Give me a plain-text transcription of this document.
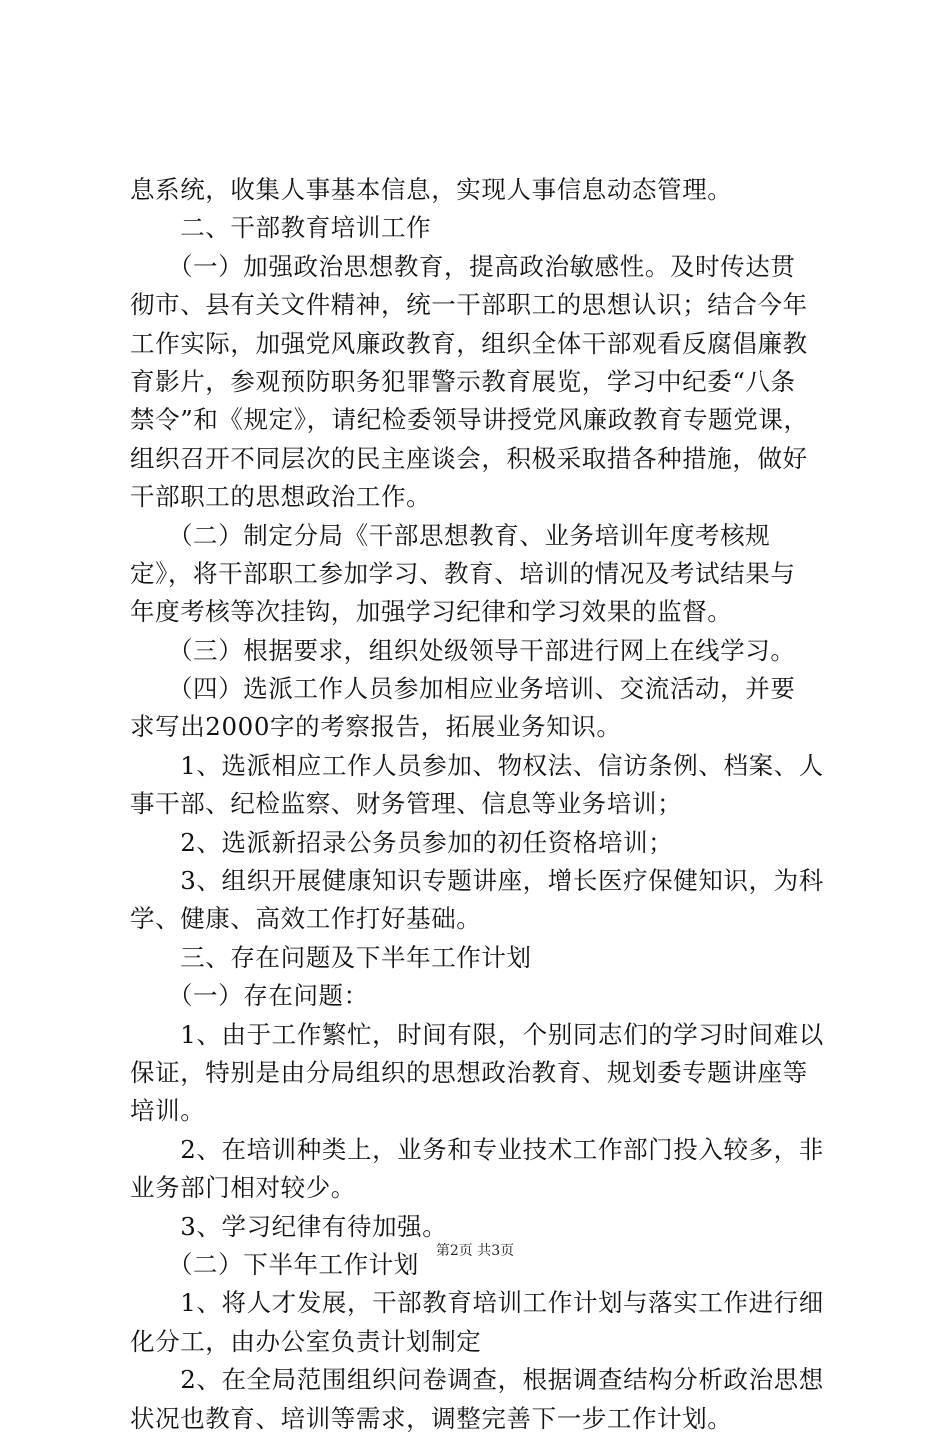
息系统，收集人事基本信息，实现人事信息动态管理。
　　二、干部教育培训工作
　　（一）加强政治思想教育，提高政治敏感性。及时传达贯
彻市、县有关文件精神，统一干部职工的思想认识；结合今年
工作实际，加强党风廉政教育，组织全体干部观看反腐倡廉教
育影片，参观预防职务犯罪警示教育展览，学习中纪委“八条
禁令”和《规定》，请纪检委领导讲授党风廉政教育专题党课，
组织召开不同层次的民主座谈会，积极采取措各种措施，做好
干部职工的思想政治工作。
　　（二）制定分局《干部思想教育、业务培训年度考核规
定》，将干部职工参加学习、教育、培训的情况及考试结果与
年度考核等次挂钩，加强学习纪律和学习效果的监督。
　　（三）根据要求，组织处级领导干部进行网上在线学习。
　　（四）选派工作人员参加相应业务培训、交流活动，并要
求写出2000字的考察报告，拓展业务知识。
　　1、选派相应工作人员参加、物权法、信访条例、档案、人
事干部、纪检监察、财务管理、信息等业务培训；
　　2、选派新招录公务员参加的初任资格培训；
　　3、组织开展健康知识专题讲座，增长医疗保健知识，为科
学、健康、高效工作打好基础。
　　三、存在问题及下半年工作计划
　　（一）存在问题：
　　1、由于工作繁忙，时间有限，个别同志们的学习时间难以
保证，特别是由分局组织的思想政治教育、规划委专题讲座等
培训。
　　2、在培训种类上，业务和专业技术工作部门投入较多，非
业务部门相对较少。
　　3、学习纪律有待加强。
　　（二）下半年工作计划
　　1、将人才发展，干部教育培训工作计划与落实工作进行细
化分工，由办公室负责计划制定
　　2、在全局范围组织问卷调查，根据调查结构分析政治思想
状况也教育、培训等需求，调整完善下一步工作计划。
第2页 共3页
